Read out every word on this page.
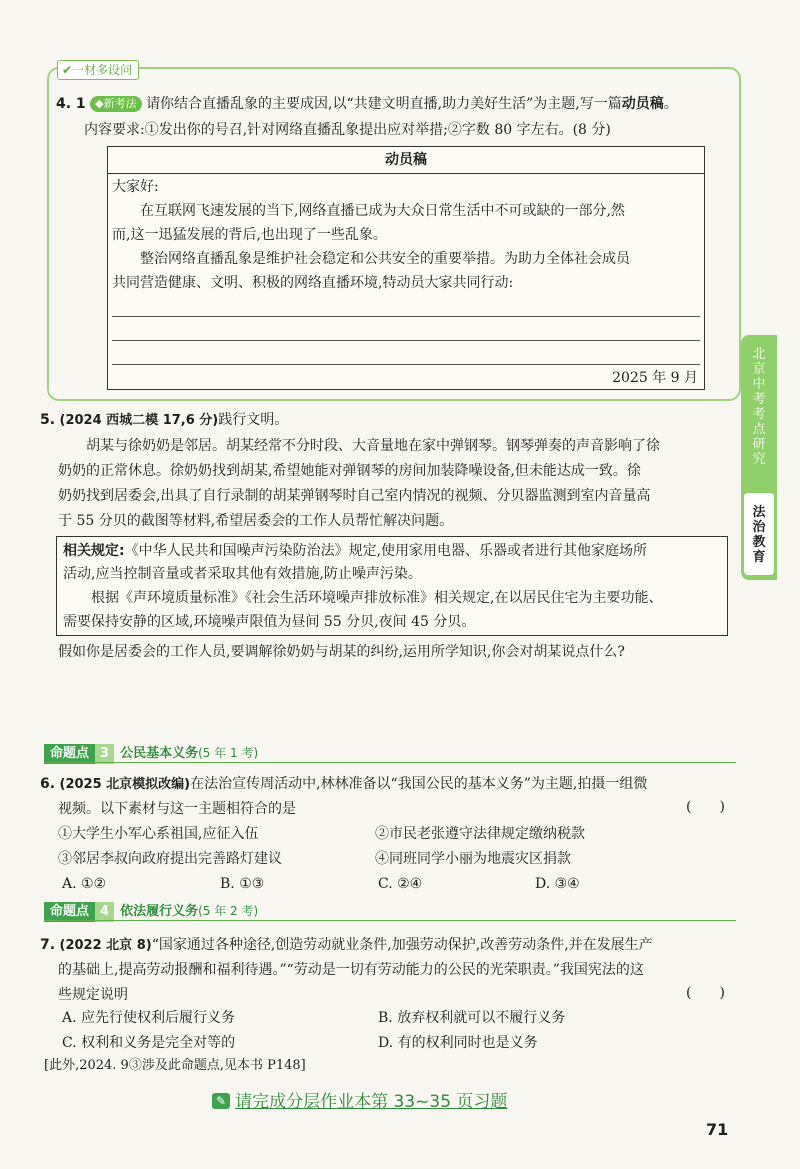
✔一材多设问
4. 1 ◆新考法 请你结合直播乱象的主要成因,以“共建文明直播,助力美好生活”为主题,写一篇动员稿。
内容要求:①发出你的号召,针对网络直播乱象提出应对举措;②字数 80 字左右。(8 分)
动员稿
大家好:
在互联网飞速发展的当下,网络直播已成为大众日常生活中不可或缺的一部分,然
而,这一迅猛发展的背后,也出现了一些乱象。
整治网络直播乱象是维护社会稳定和公共安全的重要举措。为助力全体社会成员
共同营造健康、文明、积极的网络直播环境,特动员大家共同行动:
2025 年 9 月
北
京
中
考
考
点
研
究
法
治
教
育
5. (2024 西城二模 17,6 分)践行文明。
胡某与徐奶奶是邻居。胡某经常不分时段、大音量地在家中弹钢琴。钢琴弹奏的声音影响了徐
奶奶的正常休息。徐奶奶找到胡某,希望她能对弹钢琴的房间加装降噪设备,但未能达成一致。徐
奶奶找到居委会,出具了自行录制的胡某弹钢琴时自己室内情况的视频、分贝器监测到室内音量高
于 55 分贝的截图等材料,希望居委会的工作人员帮忙解决问题。
相关规定:《中华人民共和国噪声污染防治法》规定,使用家用电器、乐器或者进行其他家庭场所
活动,应当控制音量或者采取其他有效措施,防止噪声污染。
根据《声环境质量标准》《社会生活环境噪声排放标准》相关规定,在以居民住宅为主要功能、
需要保持安静的区域,环境噪声限值为昼间 55 分贝,夜间 45 分贝。
假如你是居委会的工作人员,要调解徐奶奶与胡某的纠纷,运用所学知识,你会对胡某说点什么?
命题点 3 公民基本义务(5 年 1 考)
6. (2025 北京模拟改编)在法治宣传周活动中,林林准备以“我国公民的基本义务”为主题,拍摄一组微
视频。以下素材与这一主题相符合的是	(　　)
①大学生小军心系祖国,应征入伍	②市民老张遵守法律规定缴纳税款
③邻居李叔向政府提出完善路灯建议	④同班同学小丽为地震灾区捐款
A. ①②	B. ①③	C. ②④	D. ③④
命题点 4 依法履行义务(5 年 2 考)
7. (2022 北京 8)“国家通过各种途径,创造劳动就业条件,加强劳动保护,改善劳动条件,并在发展生产
的基础上,提高劳动报酬和福利待遇。”“劳动是一切有劳动能力的公民的光荣职责。”我国宪法的这
些规定说明	(　　)
A. 应先行使权利后履行义务	B. 放弃权利就可以不履行义务
C. 权利和义务是完全对等的	D. 有的权利同时也是义务
[此外,2024. 9③涉及此命题点,见本书 P148]
✎ 请完成分层作业本第 33~35 页习题
71
